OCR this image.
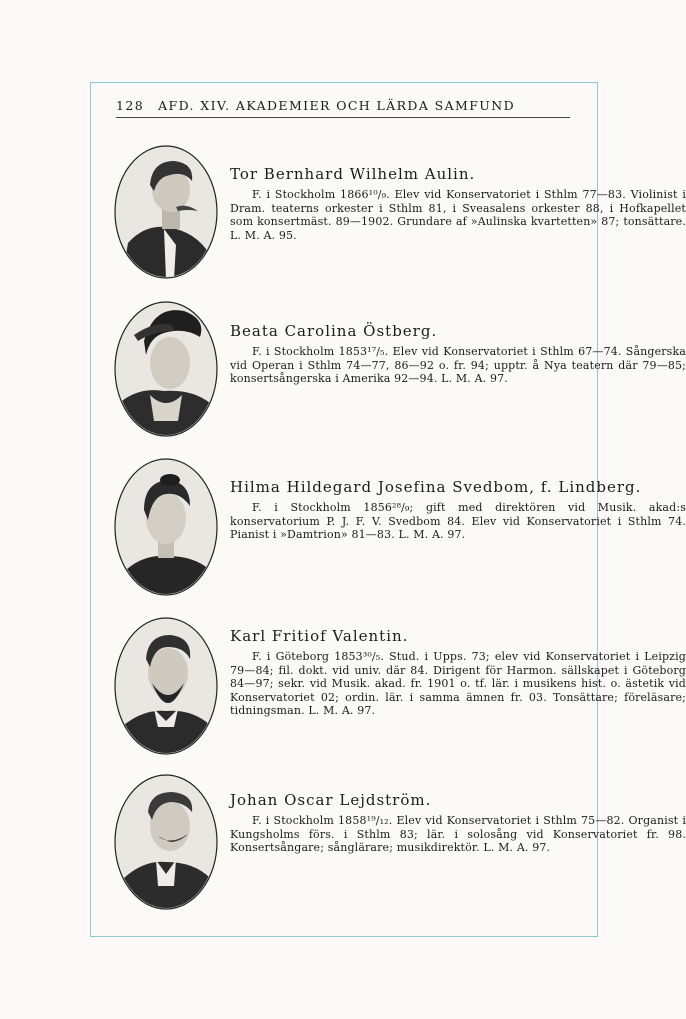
128 AFD. XIV. AKADEMIER OCH LÄRDA SAMFUND

Tor Bernhard Wilhelm Aulin.

F. i Stockholm 1866¹⁰/₉. Elev vid Konservatoriet i Sthlm 77—83. Violinist i Dram. teaterns orkester i Sthlm 81, i Sveasalens orkester 88, i Hofkapellet som konsertmäst. 89—1902. Grundare af »Aulinska kvartetten» 87; tonsättare. L. M. A. 95.

Beata Carolina Östberg.

F. i Stockholm 1853¹⁷/₅. Elev vid Konservatoriet i Sthlm 67—74. Sångerska vid Operan i Sthlm 74—77, 86—92 o. fr. 94; upptr. å Nya teatern där 79—85; konsertsångerska i Amerika 92—94. L. M. A. 97.

Hilma Hildegard Josefina Svedbom, f. Lindberg.

F. i Stockholm 1856²⁸/₉; gift med direktören vid Musik. akad:s konservatorium P. J. F. V. Svedbom 84. Elev vid Konservatoriet i Sthlm 74. Pianist i »Damtrion» 81—83. L. M. A. 97.

Karl Fritiof Valentin.

F. i Göteborg 1853³⁰/₅. Stud. i Upps. 73; elev vid Konservatoriet i Leipzig 79—84; fil. dokt. vid univ. där 84. Dirigent för Harmon. sällskapet i Göteborg 84—97; sekr. vid Musik. akad. fr. 1901 o. tf. lär. i musikens hist. o. ästetik vid Konservatoriet 02; ordin. lär. i samma ämnen fr. 03. Tonsättare; föreläsare; tidningsman. L. M. A. 97.

Johan Oscar Lejdström.

F. i Stockholm 1858¹⁹/₁₂. Elev vid Konservatoriet i Sthlm 75—82. Organist i Kungsholms förs. i Sthlm 83; lär. i solosång vid Konservatoriet fr. 98. Konsertsångare; sånglärare; musikdirektör. L. M. A. 97.
